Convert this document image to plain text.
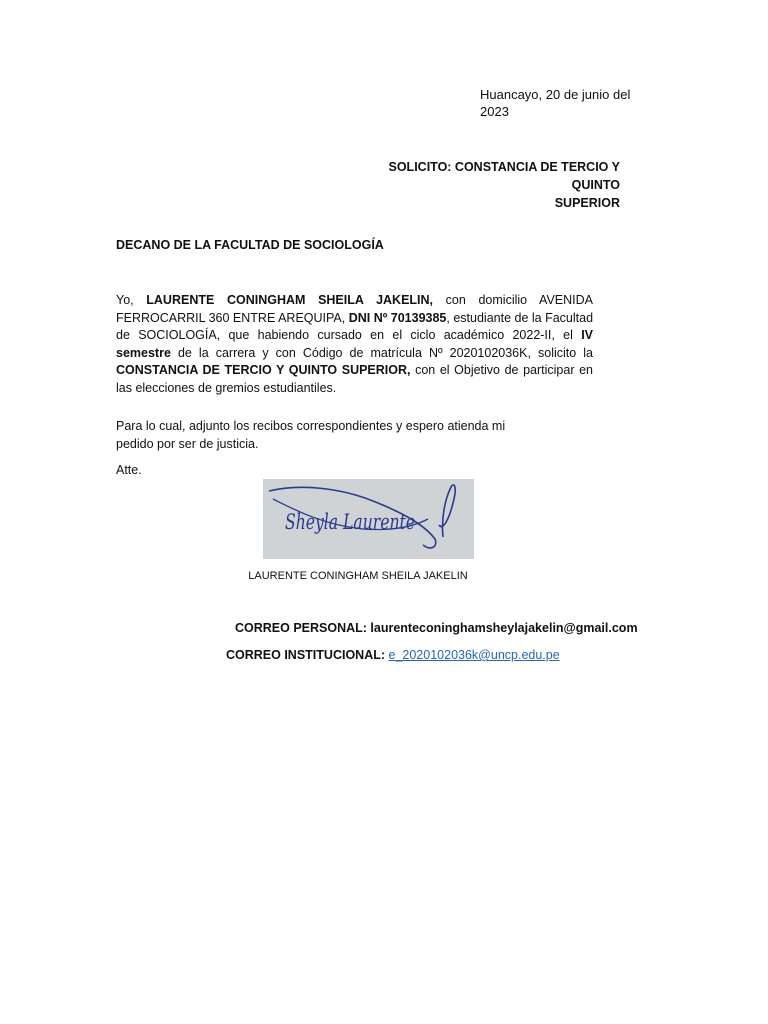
Huancayo, 20 de junio del 2023
SOLICITO: CONSTANCIA DE TERCIO Y QUINTO
SUPERIOR
DECANO DE LA FACULTAD DE SOCIOLOGÍA
Yo, LAURENTE CONINGHAM SHEILA JAKELIN, con domicilio AVENIDA FERROCARRIL 360 ENTRE AREQUIPA, DNI Nº 70139385, estudiante de la Facultad de SOCIOLOGÍA, que habiendo cursado en el ciclo académico 2022-II, el IV semestre de la carrera y con Código de matrícula Nº 2020102036K, solicito la CONSTANCIA DE TERCIO Y QUINTO SUPERIOR, con el Objetivo de participar en las elecciones de gremios estudiantiles.
Para lo cual, adjunto los recibos correspondientes y espero atienda mi pedido por ser de justicia.
Atte.
Sheyla Laurente
LAURENTE CONINGHAM SHEILA JAKELIN
CORREO PERSONAL: laurenteconinghamsheylajakelin@gmail.com
CORREO INSTITUCIONAL: e_2020102036k@uncp.edu.pe
